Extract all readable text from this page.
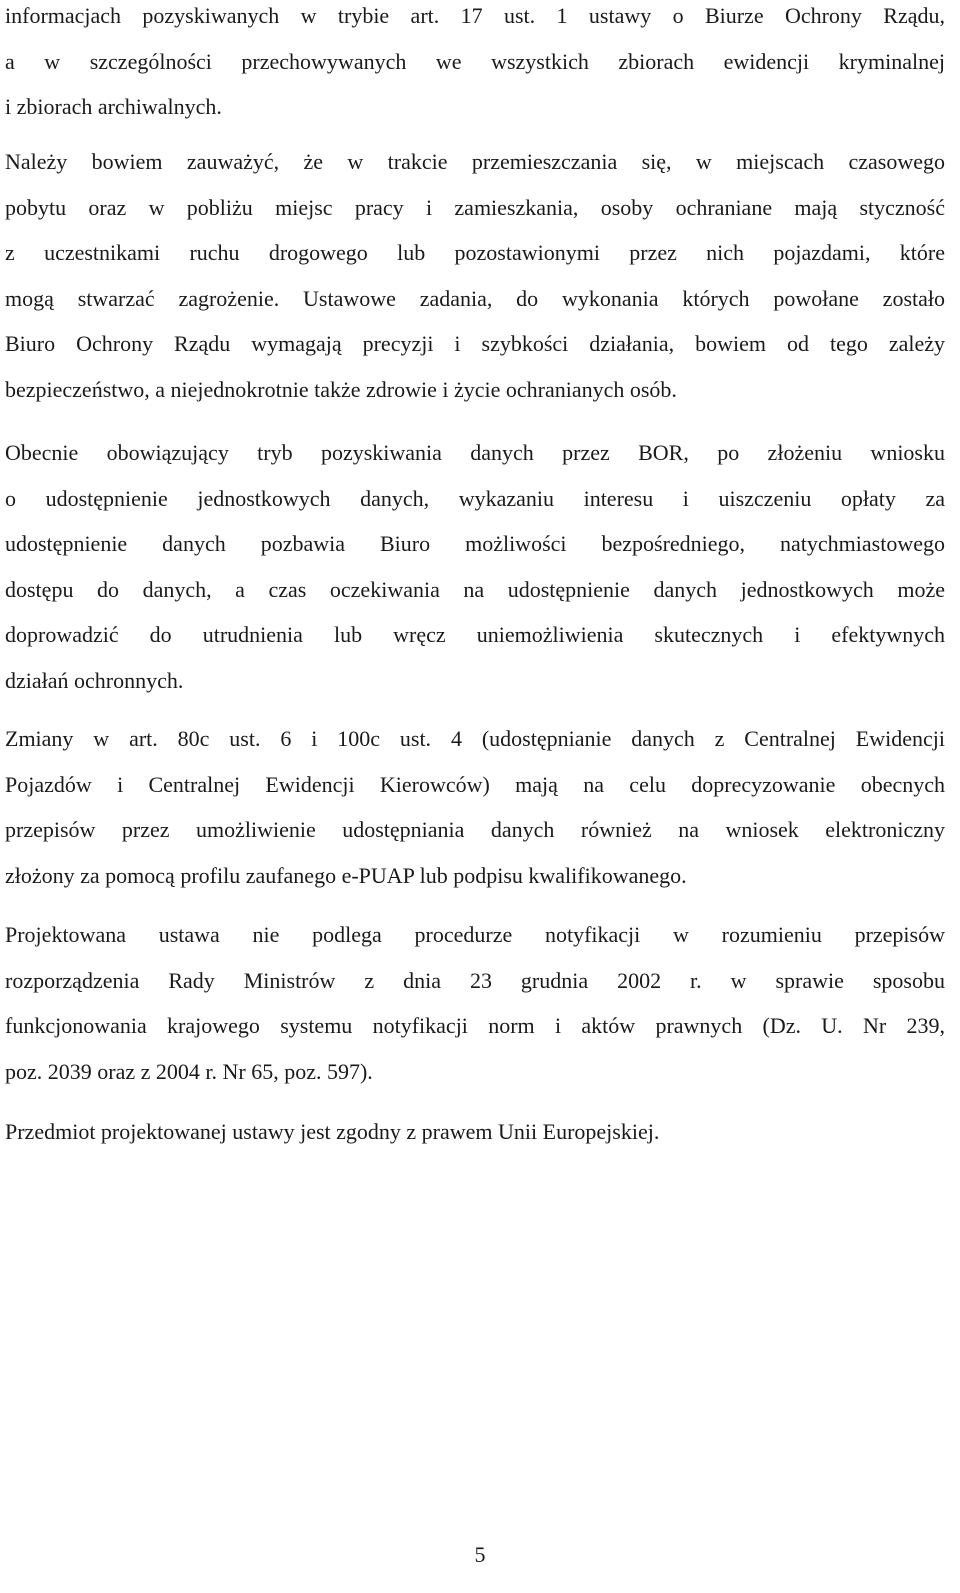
informacjach pozyskiwanych w trybie art. 17 ust. 1 ustawy o Biurze Ochrony Rządu,
a w szczególności przechowywanych we wszystkich zbiorach ewidencji kryminalnej
i zbiorach archiwalnych.
Należy bowiem zauważyć, że w trakcie przemieszczania się, w miejscach czasowego
pobytu oraz w pobliżu miejsc pracy i zamieszkania, osoby ochraniane mają styczność
z uczestnikami ruchu drogowego lub pozostawionymi przez nich pojazdami, które
mogą stwarzać zagrożenie. Ustawowe zadania, do wykonania których powołane zostało
Biuro Ochrony Rządu wymagają precyzji i szybkości działania, bowiem od tego zależy
bezpieczeństwo, a niejednokrotnie także zdrowie i życie ochranianych osób.
Obecnie obowiązujący tryb pozyskiwania danych przez BOR, po złożeniu wniosku
o udostępnienie jednostkowych danych, wykazaniu interesu i uiszczeniu opłaty za
udostępnienie danych pozbawia Biuro możliwości bezpośredniego, natychmiastowego
dostępu do danych, a czas oczekiwania na udostępnienie danych jednostkowych może
doprowadzić do utrudnienia lub wręcz uniemożliwienia skutecznych i efektywnych
działań ochronnych.
Zmiany w art. 80c ust. 6 i 100c ust. 4 (udostępnianie danych z Centralnej Ewidencji
Pojazdów i Centralnej Ewidencji Kierowców) mają na celu doprecyzowanie obecnych
przepisów przez umożliwienie udostępniania danych również na wniosek elektroniczny
złożony za pomocą profilu zaufanego e-PUAP lub podpisu kwalifikowanego.
Projektowana ustawa nie podlega procedurze notyfikacji w rozumieniu przepisów
rozporządzenia Rady Ministrów z dnia 23 grudnia 2002 r. w sprawie sposobu
funkcjonowania krajowego systemu notyfikacji norm i aktów prawnych (Dz. U. Nr 239,
poz. 2039 oraz z 2004 r. Nr 65, poz. 597).
Przedmiot projektowanej ustawy jest zgodny z prawem Unii Europejskiej.
5
